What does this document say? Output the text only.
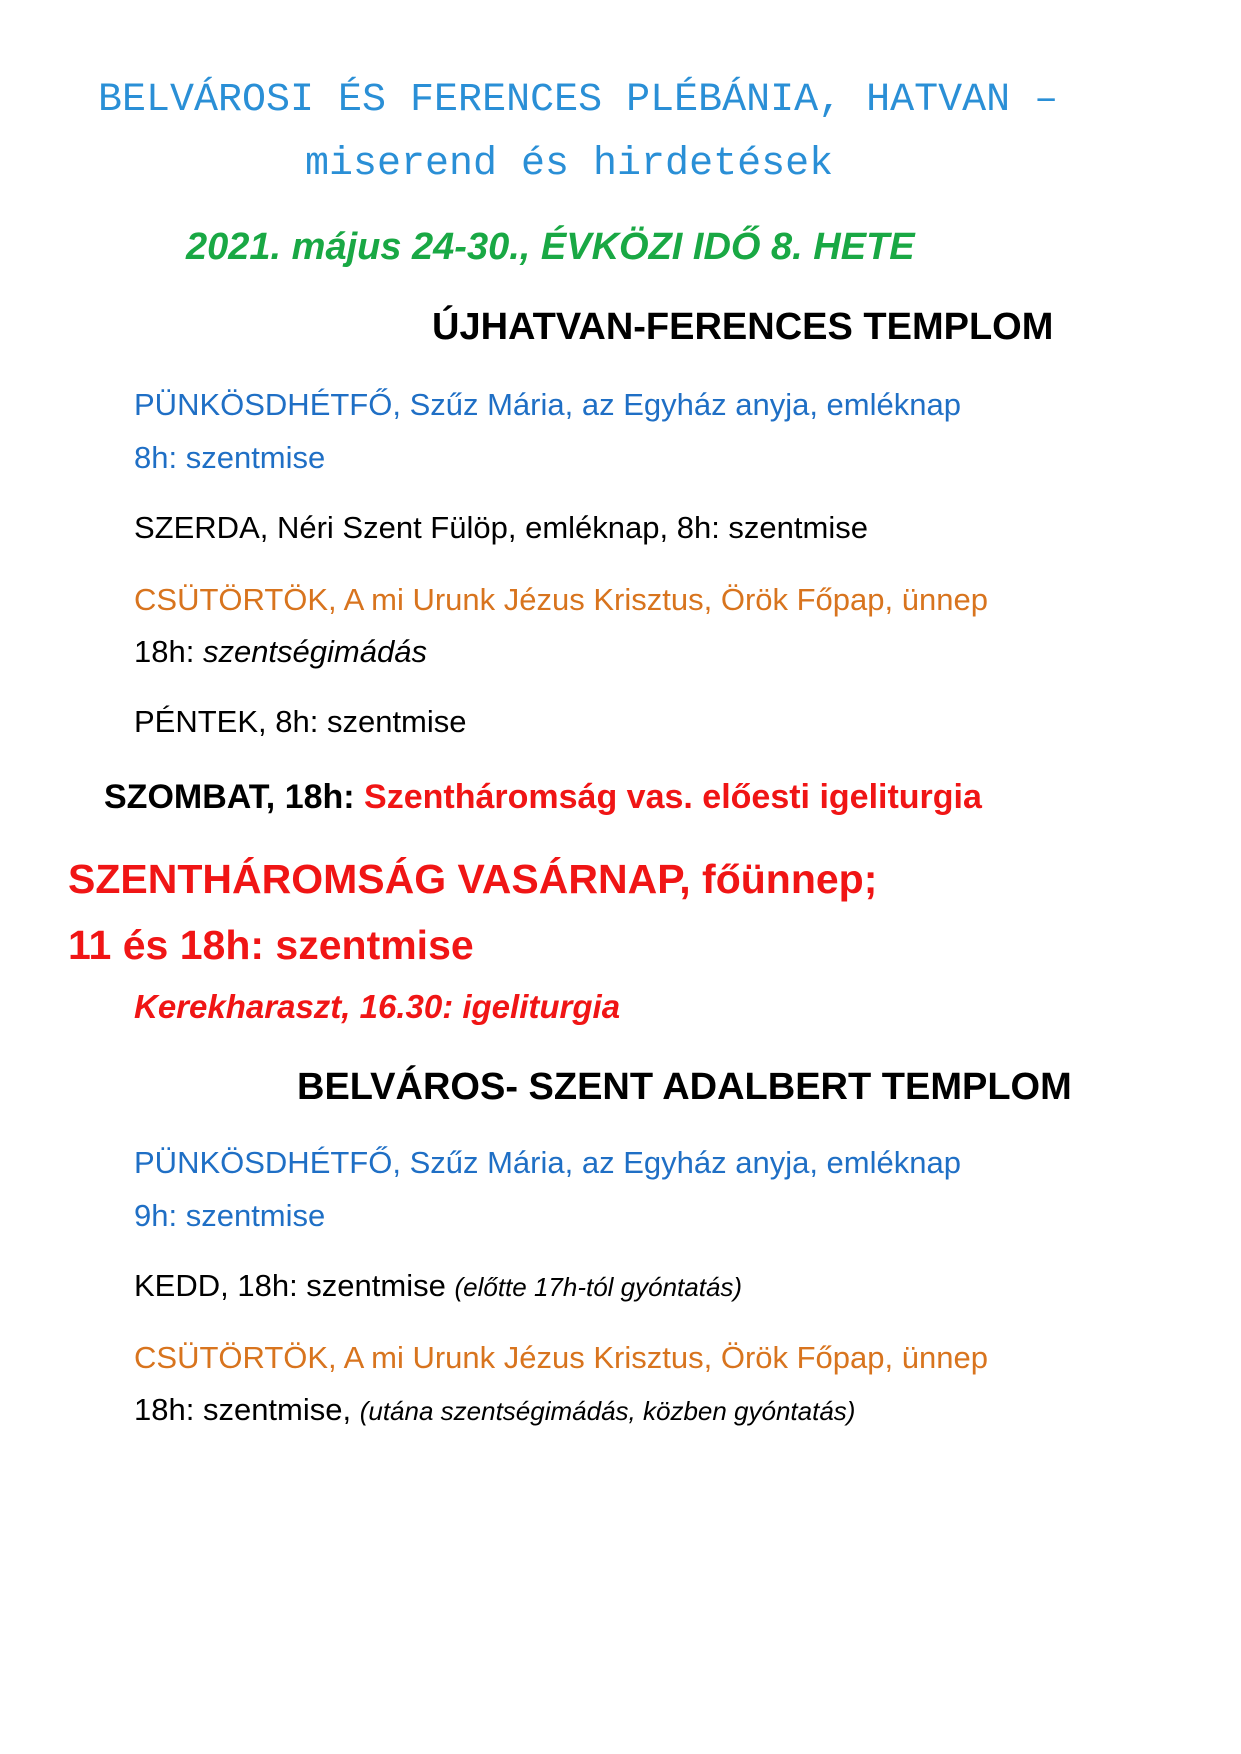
BELVÁROSI ÉS FERENCES PLÉBÁNIA, HATVAN –
miserend és hirdetések
2021. május 24-30., ÉVKÖZI IDŐ 8. HETE
ÚJHATVAN-FERENCES TEMPLOM
PÜNKÖSDHÉTFŐ, Szűz Mária, az Egyház anyja, emléknap
8h: szentmise
SZERDA, Néri Szent Fülöp, emléknap, 8h: szentmise
CSÜTÖRTÖK, A mi Urunk Jézus Krisztus, Örök Főpap, ünnep
18h: szentségimádás
PÉNTEK, 8h: szentmise
SZOMBAT, 18h: Szentháromság vas. előesti igeliturgia
SZENTHÁROMSÁG VASÁRNAP, főünnep;
11 és 18h: szentmise
Kerekharaszt, 16.30: igeliturgia
BELVÁROS- SZENT ADALBERT TEMPLOM
PÜNKÖSDHÉTFŐ, Szűz Mária, az Egyház anyja, emléknap
9h: szentmise
KEDD, 18h: szentmise (előtte 17h-tól gyóntatás)
CSÜTÖRTÖK, A mi Urunk Jézus Krisztus, Örök Főpap, ünnep
18h: szentmise, (utána szentségimádás, közben gyóntatás)
